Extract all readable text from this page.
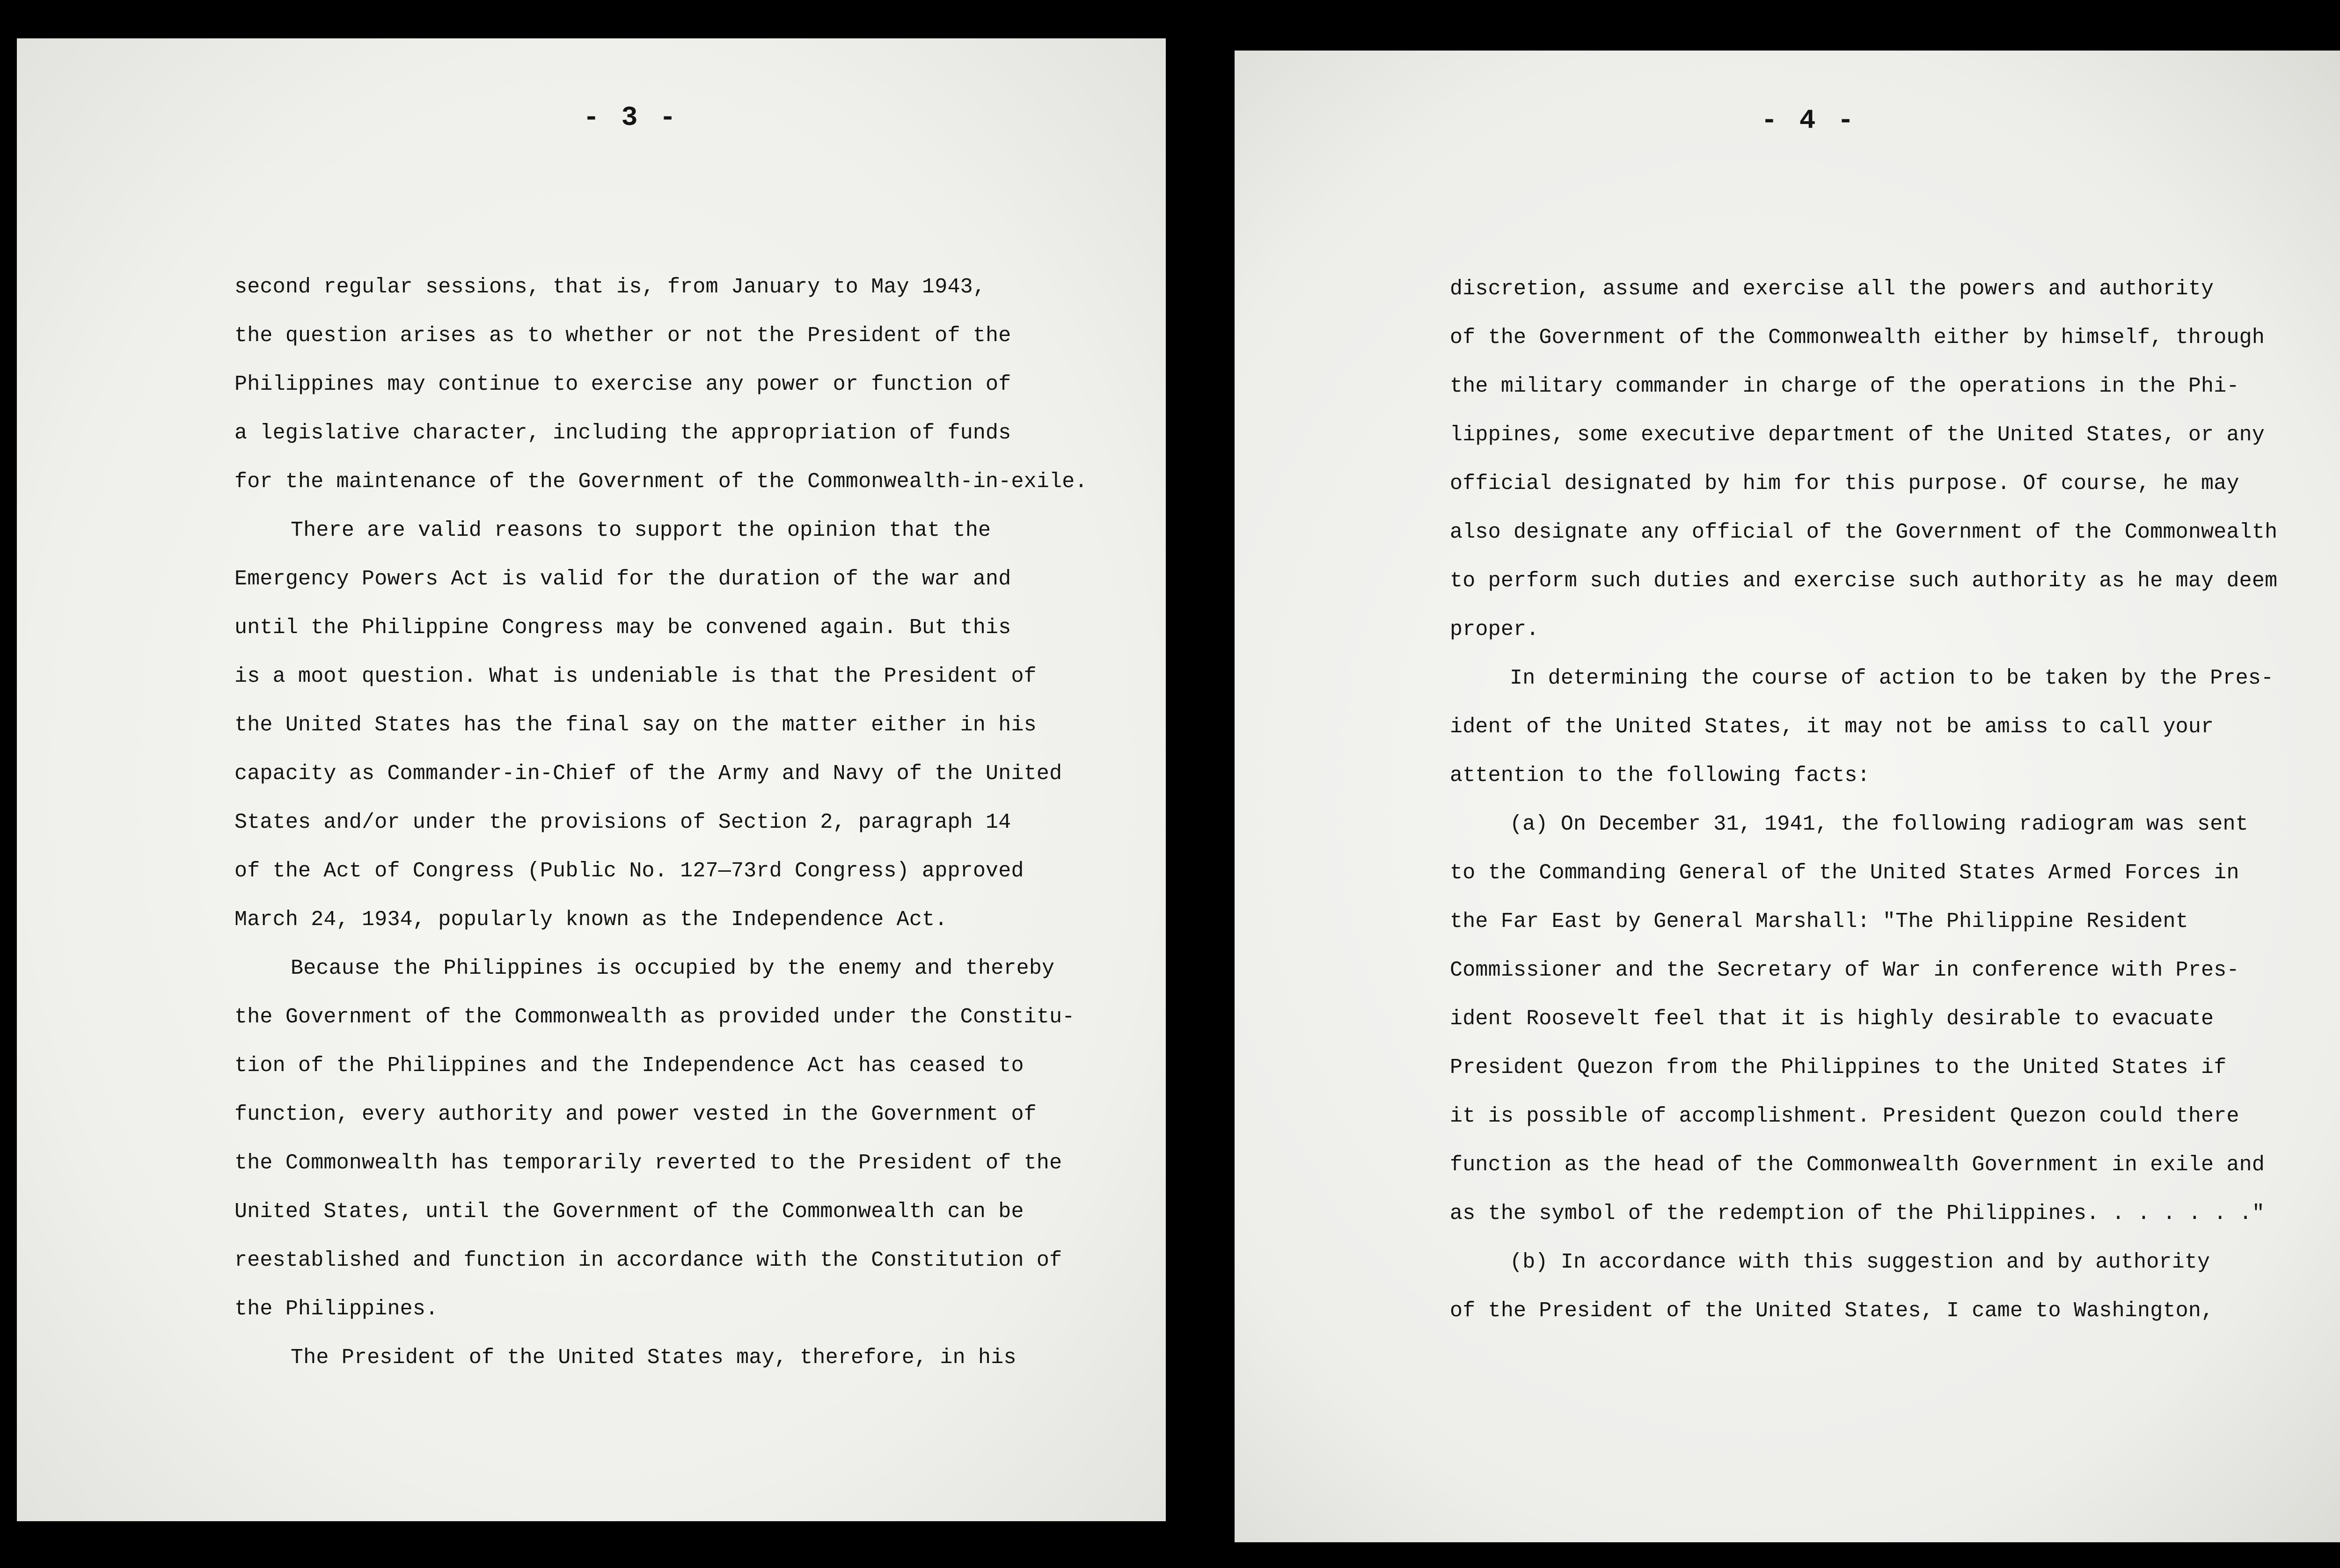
- 3 -
second regular sessions, that is, from January to May 1943,
the question arises as to whether or not the President of the
Philippines may continue to exercise any power or function of
a legislative character, including the appropriation of funds
for the maintenance of the Government of the Commonwealth-in-exile.
There are valid reasons to support the opinion that the
Emergency Powers Act is valid for the duration of the war and
until the Philippine Congress may be convened again. But this
is a moot question. What is undeniable is that the President of
the United States has the final say on the matter either in his
capacity as Commander-in-Chief of the Army and Navy of the United
States and/or under the provisions of Section 2, paragraph 14
of the Act of Congress (Public No. 127—73rd Congress) approved
March 24, 1934, popularly known as the Independence Act.
Because the Philippines is occupied by the enemy and thereby
the Government of the Commonwealth as provided under the Constitu-
tion of the Philippines and the Independence Act has ceased to
function, every authority and power vested in the Government of
the Commonwealth has temporarily reverted to the President of the
United States, until the Government of the Commonwealth can be
reestablished and function in accordance with the Constitution of
the Philippines.
The President of the United States may, therefore, in his
- 4 -
discretion, assume and exercise all the powers and authority
of the Government of the Commonwealth either by himself, through
the military commander in charge of the operations in the Phi-
lippines, some executive department of the United States, or any
official designated by him for this purpose. Of course, he may
also designate any official of the Government of the Commonwealth
to perform such duties and exercise such authority as he may deem
proper.
In determining the course of action to be taken by the Pres-
ident of the United States, it may not be amiss to call your
attention to the following facts:
(a) On December 31, 1941, the following radiogram was sent
to the Commanding General of the United States Armed Forces in
the Far East by General Marshall: "The Philippine Resident
Commissioner and the Secretary of War in conference with Pres-
ident Roosevelt feel that it is highly desirable to evacuate
President Quezon from the Philippines to the United States if
it is possible of accomplishment. President Quezon could there
function as the head of the Commonwealth Government in exile and
as the symbol of the redemption of the Philippines. . . . . . ."
(b) In accordance with this suggestion and by authority
of the President of the United States, I came to Washington,
